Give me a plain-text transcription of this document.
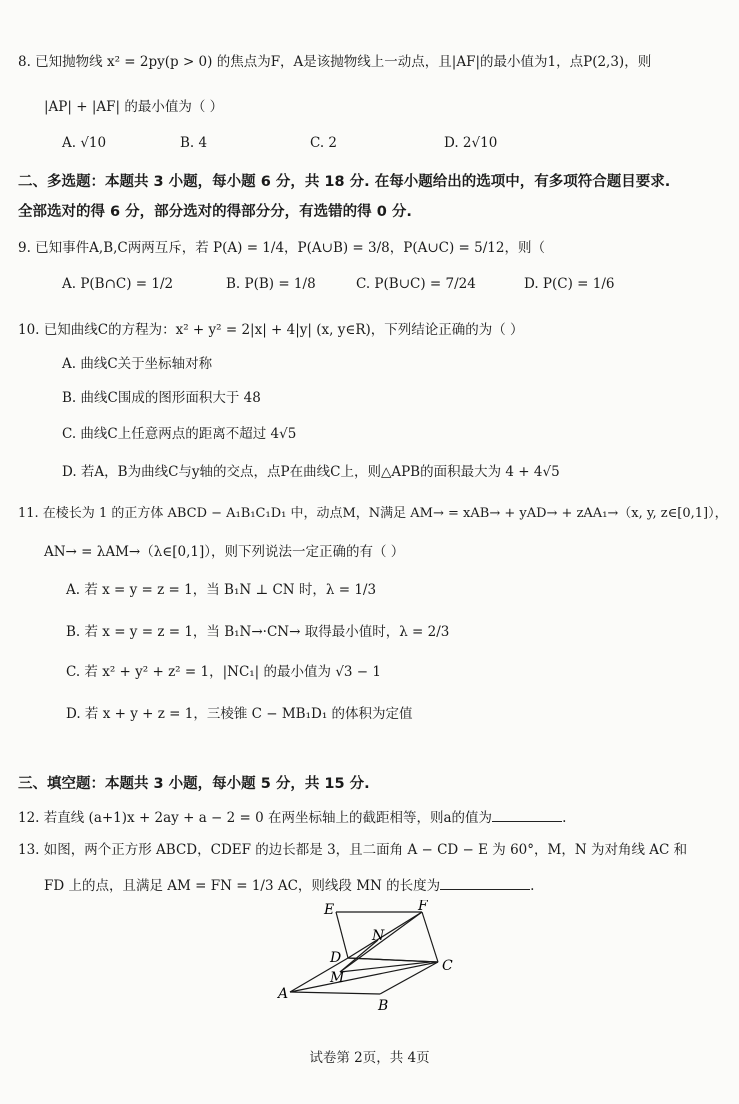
8. 已知抛物线 x² = 2py(p > 0) 的焦点为F，A是该抛物线上一动点，且|AF|的最小值为1，点P(2,3)，则
|AP| + |AF| 的最小值为（ ）
A. √10	B. 4	C. 2	D. 2√10
二、多选题：本题共 3 小题，每小题 6 分，共 18 分. 在每小题给出的选项中，有多项符合题目要求.
全部选对的得 6 分，部分选对的得部分分，有选错的得 0 分.
9. 已知事件A,B,C两两互斥，若 P(A) = 1/4，P(A∪B) = 3/8，P(A∪C) = 5/12，则（
A. P(B∩C) = 1/2	B. P(B) = 1/8	C. P(B∪C) = 7/24	D. P(C) = 1/6
10. 已知曲线C的方程为：x² + y² = 2|x| + 4|y| (x, y∈R)，下列结论正确的为（ ）
A. 曲线C关于坐标轴对称
B. 曲线C围成的图形面积大于 48
C. 曲线C上任意两点的距离不超过 4√5
D. 若A，B为曲线C与y轴的交点，点P在曲线C上，则△APB的面积最大为 4 + 4√5
11. 在棱长为 1 的正方体 ABCD − A₁B₁C₁D₁ 中，动点M，N满足 AM→ = xAB→ + yAD→ + zAA₁→（x, y, z∈[0,1]），
AN→ = λAM→（λ∈[0,1]），则下列说法一定正确的有（ ）
A. 若 x = y = z = 1，当 B₁N ⊥ CN 时，λ = 1/3
B. 若 x = y = z = 1，当 B₁N→·CN→ 取得最小值时，λ = 2/3
C. 若 x² + y² + z² = 1，|NC₁| 的最小值为 √3 − 1
D. 若 x + y + z = 1，三棱锥 C − MB₁D₁ 的体积为定值
三、填空题：本题共 3 小题，每小题 5 分，共 15 分.
12. 若直线 (a+1)x + 2ay + a − 2 = 0 在两坐标轴上的截距相等，则a的值为	.
13. 如图，两个正方形 ABCD，CDEF 的边长都是 3，且二面角 A − CD − E 为 60°，M，N 为对角线 AC 和
FD 上的点，且满足 AM = FN = 1/3 AC，则线段 MN 的长度为	.
E	F
N
D
M
C
A
B
试卷第 2页，共 4页
